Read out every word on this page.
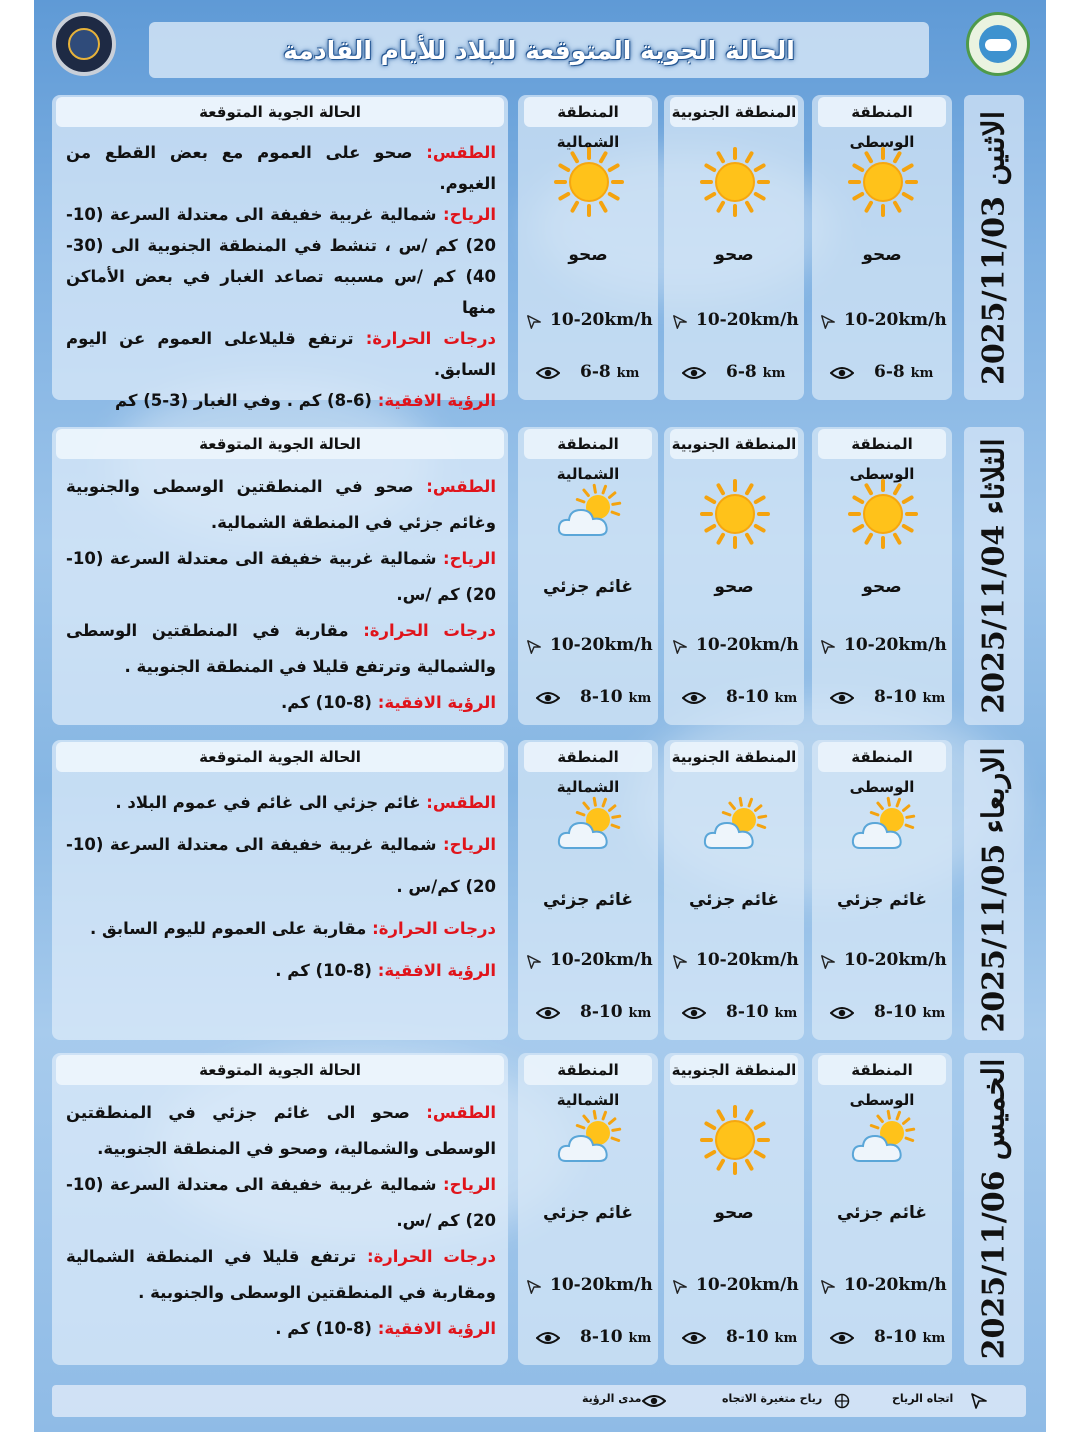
الحالة الجوية المتوقعة للبلاد للأيام القادمة
الاثنين 2025/11/03
المنطقة الشمالية
صحو
10-20km/h
6-8 km
المنطقة الجنوبية
صحو
10-20km/h
6-8 km
المنطقة الوسطى
صحو
10-20km/h
6-8 km
الحالة الجوية المتوقعة

الطقس: صحو على العموم مع بعض القطع من الغيوم.

الرياح: شمالية غربية خفيفة الى معتدلة السرعة (10-20) كم /س ، تنشط في المنطقة الجنوبية الى (30-40) كم /س مسببه تصاعد الغبار في بعض الأماكن منها

درجات الحرارة: ترتفع قليلاعلى العموم عن اليوم السابق.

الرؤية الافقية: (6-8) كم . وفي الغبار (3-5) كم

الثلاثاء 2025/11/04
المنطقة الشمالية
غائم جزئي
10-20km/h
8-10 km
المنطقة الجنوبية
صحو
10-20km/h
8-10 km
المنطقة الوسطى
صحو
10-20km/h
8-10 km
الحالة الجوية المتوقعة

الطقس: صحو في المنطقتين الوسطى والجنوبية وغائم جزئي في المنطقة الشمالية.

الرياح: شمالية غربية خفيفة الى معتدلة السرعة (10-20) كم /س.

درجات الحرارة: مقاربة في المنطقتين الوسطى والشمالية وترتفع قليلا في المنطقة الجنوبية .

الرؤية الافقية: (8-10) كم.

الاربعاء 2025/11/05
المنطقة الشمالية
غائم جزئي
10-20km/h
8-10 km
المنطقة الجنوبية
غائم جزئي
10-20km/h
8-10 km
المنطقة الوسطى
غائم جزئي
10-20km/h
8-10 km
الحالة الجوية المتوقعة

الطقس: غائم جزئي الى غائم في عموم البلاد .

الرياح: شمالية غربية خفيفة الى معتدلة السرعة (10-20) كم/س .

درجات الحرارة: مقاربة على العموم لليوم السابق .

الرؤية الافقية: (8-10) كم .

الخميس 2025/11/06
المنطقة الشمالية
غائم جزئي
10-20km/h
8-10 km
المنطقة الجنوبية
صحو
10-20km/h
8-10 km
المنطقة الوسطى
غائم جزئي
10-20km/h
8-10 km
الحالة الجوية المتوقعة

الطقس: صحو الى غائم جزئي في المنطقتين الوسطى والشمالية، وصحو في المنطقة الجنوبية.

الرياح: شمالية غربية خفيفة الى معتدلة السرعة (10-20) كم /س.

درجات الحرارة: ترتفع قليلا في المنطقة الشمالية ومقاربة في المنطقتين الوسطى والجنوبية .

الرؤية الافقية: (8-10) كم .

مدى الرؤية	رياح متغيرة الاتجاه	اتجاه الرياح
